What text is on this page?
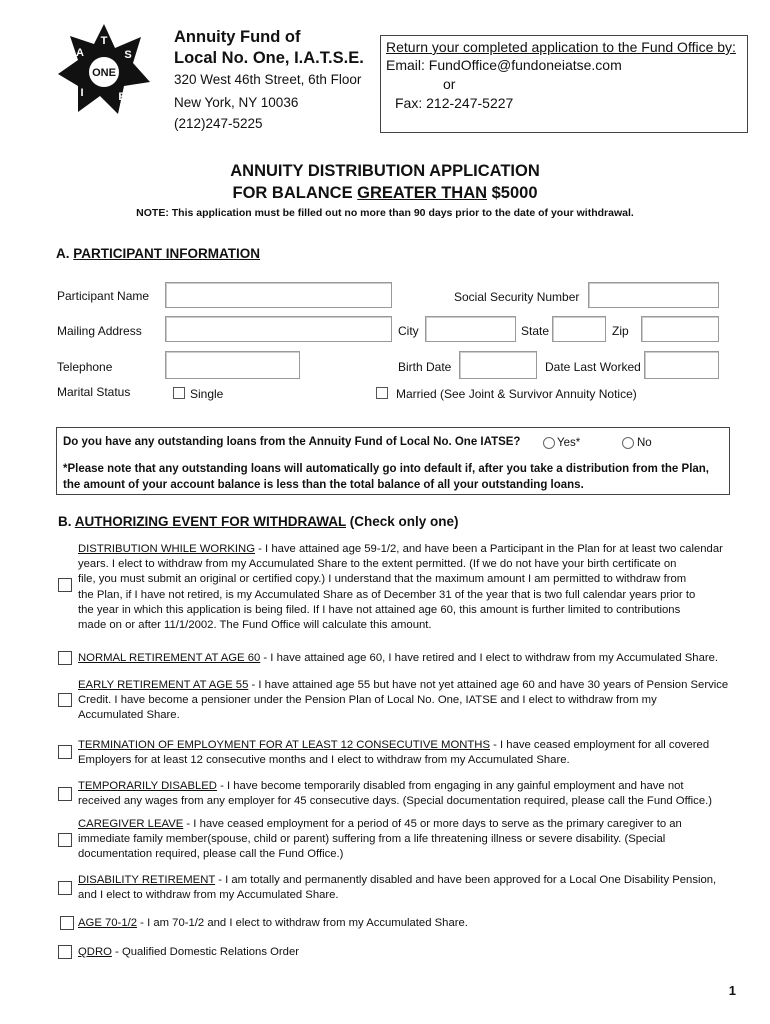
ONE
T
A	S
I	E
Annuity Fund of
Local No. One, I.A.T.S.E.
320 West 46th Street, 6th Floor
New York, NY 10036
(212)247-5225
Return your completed application to the Fund Office by:
Email: FundOffice@fundoneiatse.com
or
Fax: 212-247-5227
ANNUITY DISTRIBUTION APPLICATION
FOR BALANCE GREATER THAN $5000
NOTE: This application must be filled out no more than 90 days prior to the date of your withdrawal.
A. PARTICIPANT INFORMATION
Participant Name	Social Security Number
Mailing Address	City	State	Zip
Telephone	Birth Date	Date Last Worked
Marital Status	Single	Married (See Joint & Survivor Annuity Notice)
Do you have any outstanding loans from the Annuity Fund of Local No. One IATSE?	Yes*	No
*Please note that any outstanding loans will automatically go into default if, after you take a distribution from the Plan,
the amount of your account balance is less than the total balance of all your outstanding loans.
B. AUTHORIZING EVENT FOR WITHDRAWAL (Check only one)
DISTRIBUTION WHILE WORKING - I have attained age 59-1/2, and have been a Participant in the Plan for at least two calendar
years. I elect to withdraw from my Accumulated Share to the extent permitted. (If we do not have your birth certificate on
file, you must submit an original or certified copy.) I understand that the maximum amount I am permitted to withdraw from
the Plan, if I have not retired, is my Accumulated Share as of December 31 of the year that is two full calendar years prior to
the year in which this application is being filed. If I have not attained age 60, this amount is further limited to contributions
made on or after 11/1/2002. The Fund Office will calculate this amount.
NORMAL RETIREMENT AT AGE 60 - I have attained age 60, I have retired and I elect to withdraw from my Accumulated Share.
EARLY RETIREMENT AT AGE 55 - I have attained age 55 but have not yet attained age 60 and have 30 years of Pension Service
Credit. I have become a pensioner under the Pension Plan of Local No. One, IATSE and I elect to withdraw from my
Accumulated Share.
TERMINATION OF EMPLOYMENT FOR AT LEAST 12 CONSECUTIVE MONTHS - I have ceased employment for all covered
Employers for at least 12 consecutive months and I elect to withdraw from my Accumulated Share.
TEMPORARILY DISABLED - I have become temporarily disabled from engaging in any gainful employment and have not
received any wages from any employer for 45 consecutive days. (Special documentation required, please call the Fund Office.)
CAREGIVER LEAVE - I have ceased employment for a period of 45 or more days to serve as the primary caregiver to an
immediate family member(spouse, child or parent) suffering from a life threatening illness or severe disability. (Special
documentation required, please call the Fund Office.)
DISABILITY RETIREMENT - I am totally and permanently disabled and have been approved for a Local One Disability Pension,
and I elect to withdraw from my Accumulated Share.
AGE 70-1/2 - I am 70-1/2 and I elect to withdraw from my Accumulated Share.
QDRO - Qualified Domestic Relations Order
1
